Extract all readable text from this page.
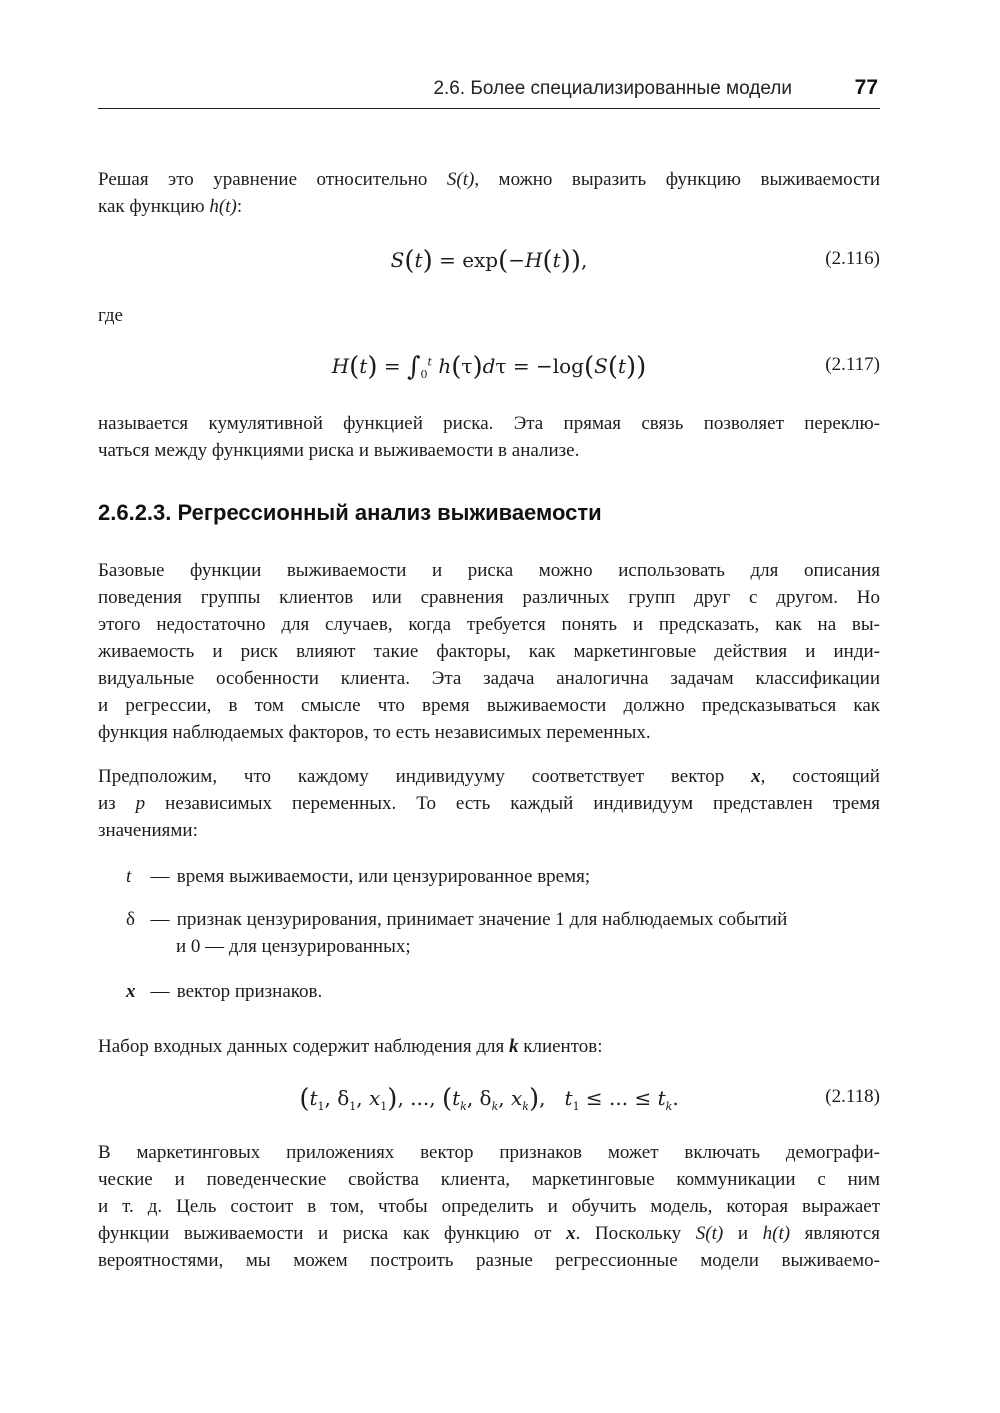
2.6. Более специализированные модели	77

Решая это уравнение относительно S(t), можно выразить функцию выживаемости

как функцию h(t):

S(t) = exp(−H(t)),	(2.116)

где

$H(t) = \int_0^t$ h(τ)dτ = −log(S(t))	(2.117)

называется кумулятивной функцией риска. Эта прямая связь позволяет переклю-

чаться между функциями риска и выживаемости в анализе.

2.6.2.3. Регрессионный анализ выживаемости

Базовые функции выживаемости и риска можно использовать для описания

поведения группы клиентов или сравнения различных групп друг с другом. Но

этого недостаточно для случаев, когда требуется понять и предсказать, как на вы-

живаемость и риск влияют такие факторы, как маркетинговые действия и инди-

видуальные особенности клиента. Эта задача аналогична задачам классификации

и регрессии, в том смысле что время выживаемости должно предсказываться как

функция наблюдаемых факторов, то есть независимых переменных.

Предположим, что каждому индивидууму соответствует вектор x, состоящий

из p независимых переменных. То есть каждый индивидуум представлен тремя

значениями:

t — время выживаемости, или цензурированное время;
δ — признак цензурирования, принимает значение 1 для наблюдаемых событий
и 0 — для цензурированных;
x — вектор признаков.

Набор входных данных содержит наблюдения для k клиентов:

($t_1$, $\delta_1$, $x_1$), ..., ($t_k$, $\delta_k$, $x_k$),   $t_1$ ≤ ... ≤ $t_k$.	(2.118)

В маркетинговых приложениях вектор признаков может включать демографи-

ческие и поведенческие свойства клиента, маркетинговые коммуникации с ним

и т. д. Цель состоит в том, чтобы определить и обучить модель, которая выражает

функции выживаемости и риска как функцию от x. Поскольку S(t) и h(t) являются

вероятностями, мы можем построить разные регрессионные модели выживаемо-
